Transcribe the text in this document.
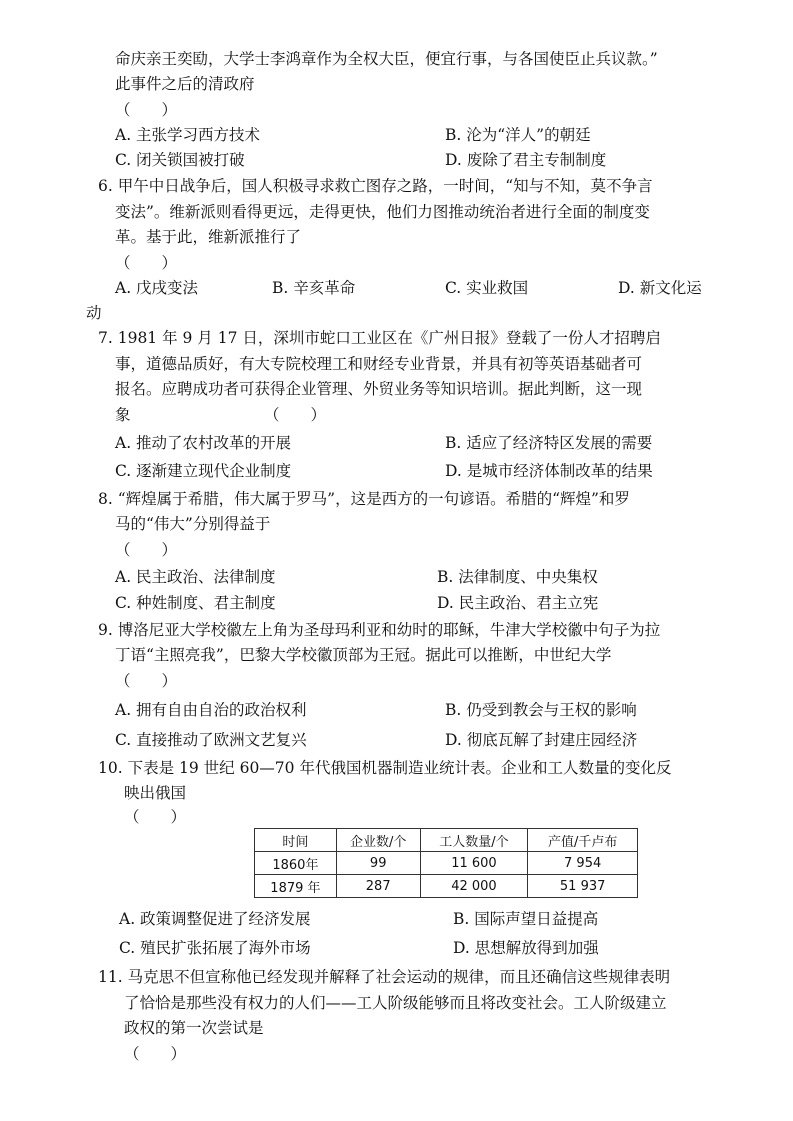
命庆亲王奕劻，大学士李鸿章作为全权大臣，便宜行事，与各国使臣止兵议款。”
此事件之后的清政府
（　　）
A. 主张学习西方技术	B. 沦为“洋人”的朝廷
C. 闭关锁国被打破	D. 废除了君主专制制度
6. 甲午中日战争后，国人积极寻求救亡图存之路，一时间，“知与不知，莫不争言
变法”。维新派则看得更远，走得更快，他们力图推动统治者进行全面的制度变
革。基于此，维新派推行了
（　　）
A. 戊戌变法	B. 辛亥革命	C. 实业救国	D. 新文化运
动
7. 1981 年 9 月 17 日，深圳市蛇口工业区在《广州日报》登载了一份人才招聘启
事，道德品质好，有大专院校理工和财经专业背景，并具有初等英语基础者可
报名。应聘成功者可获得企业管理、外贸业务等知识培训。据此判断，这一现
象	（　　）
A. 推动了农村改革的开展	B. 适应了经济特区发展的需要
C. 逐渐建立现代企业制度	D. 是城市经济体制改革的结果
8. “辉煌属于希腊，伟大属于罗马”，这是西方的一句谚语。希腊的“辉煌”和罗
马的“伟大”分别得益于
（　　）
A. 民主政治、法律制度	B. 法律制度、中央集权
C. 种姓制度、君主制度	D. 民主政治、君主立宪
9. 博洛尼亚大学校徽左上角为圣母玛利亚和幼时的耶稣，牛津大学校徽中句子为拉
丁语“主照亮我”，巴黎大学校徽顶部为王冠。据此可以推断，中世纪大学
（　　）
A. 拥有自由自治的政治权利	B. 仍受到教会与王权的影响
C. 直接推动了欧洲文艺复兴	D. 彻底瓦解了封建庄园经济
10. 下表是 19 世纪 60—70 年代俄国机器制造业统计表。企业和工人数量的变化反
映出俄国
（　　）
时间	企业数/个	工人数量/个	产值/千卢布
1860年	99	11 600	7 954
1879 年	287	42 000	51 937
A. 政策调整促进了经济发展	B. 国际声望日益提高
C. 殖民扩张拓展了海外市场	D. 思想解放得到加强
11. 马克思不但宣称他已经发现并解释了社会运动的规律，而且还确信这些规律表明
了恰恰是那些没有权力的人们——工人阶级能够而且将改变社会。工人阶级建立
政权的第一次尝试是
（　　）
